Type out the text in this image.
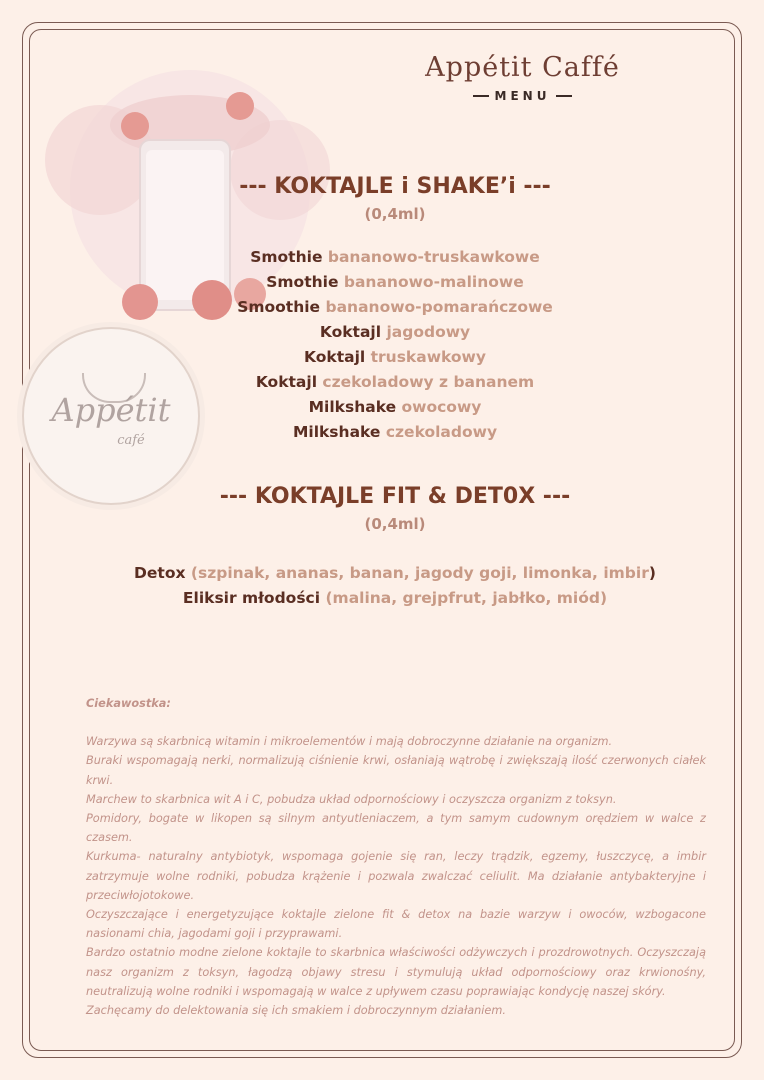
Appétit Caffé
MENU
Appétit
café
--- KOKTAJLE i SHAKE’i ---
(0,4ml)
Smothie bananowo-truskawkowe
Smothie bananowo-malinowe
Smoothie bananowo-pomarańczowe
Koktajl jagodowy
Koktajl truskawkowy
Koktajl czekoladowy z bananem
Milkshake owocowy
Milkshake czekoladowy
--- KOKTAJLE FIT & DET0X ---
(0,4ml)
Detox (szpinak, ananas, banan, jagody goji, limonka, imbir)
Eliksir młodości (malina, grejpfrut, jabłko, miód)
Ciekawostka:

Warzywa są skarbnicą witamin i mikroelementów i mają dobroczynne działanie na organizm.

Buraki wspomagają nerki, normalizują ciśnienie krwi, osłaniają wątrobę i zwiększają ilość czerwonych ciałek krwi.

Marchew to skarbnica wit A i C, pobudza układ odpornościowy i oczyszcza organizm z toksyn.

Pomidory, bogate w likopen są silnym antyutleniaczem, a tym samym cudownym orędziem w walce z czasem.

Kurkuma- naturalny antybiotyk, wspomaga gojenie się ran, leczy trądzik, egzemy, łuszczycę, a imbir zatrzymuje wolne rodniki, pobudza krążenie i pozwala zwalczać celiulit. Ma działanie antybakteryjne i przeciwłojotokowe.

Oczyszczające i energetyzujące koktajle zielone fit & detox na bazie warzyw i owoców, wzbogacone nasionami chia, jagodami goji i przyprawami.

Bardzo ostatnio modne zielone koktajle to skarbnica właściwości odżywczych i prozdrowotnych. Oczyszczają nasz organizm z toksyn, łagodzą objawy stresu i stymulują układ odpornościowy oraz krwionośny, neutralizują wolne rodniki i wspomagają w walce z upływem czasu poprawiając kondycję naszej skóry.

Zachęcamy do delektowania się ich smakiem i dobroczynnym działaniem.
